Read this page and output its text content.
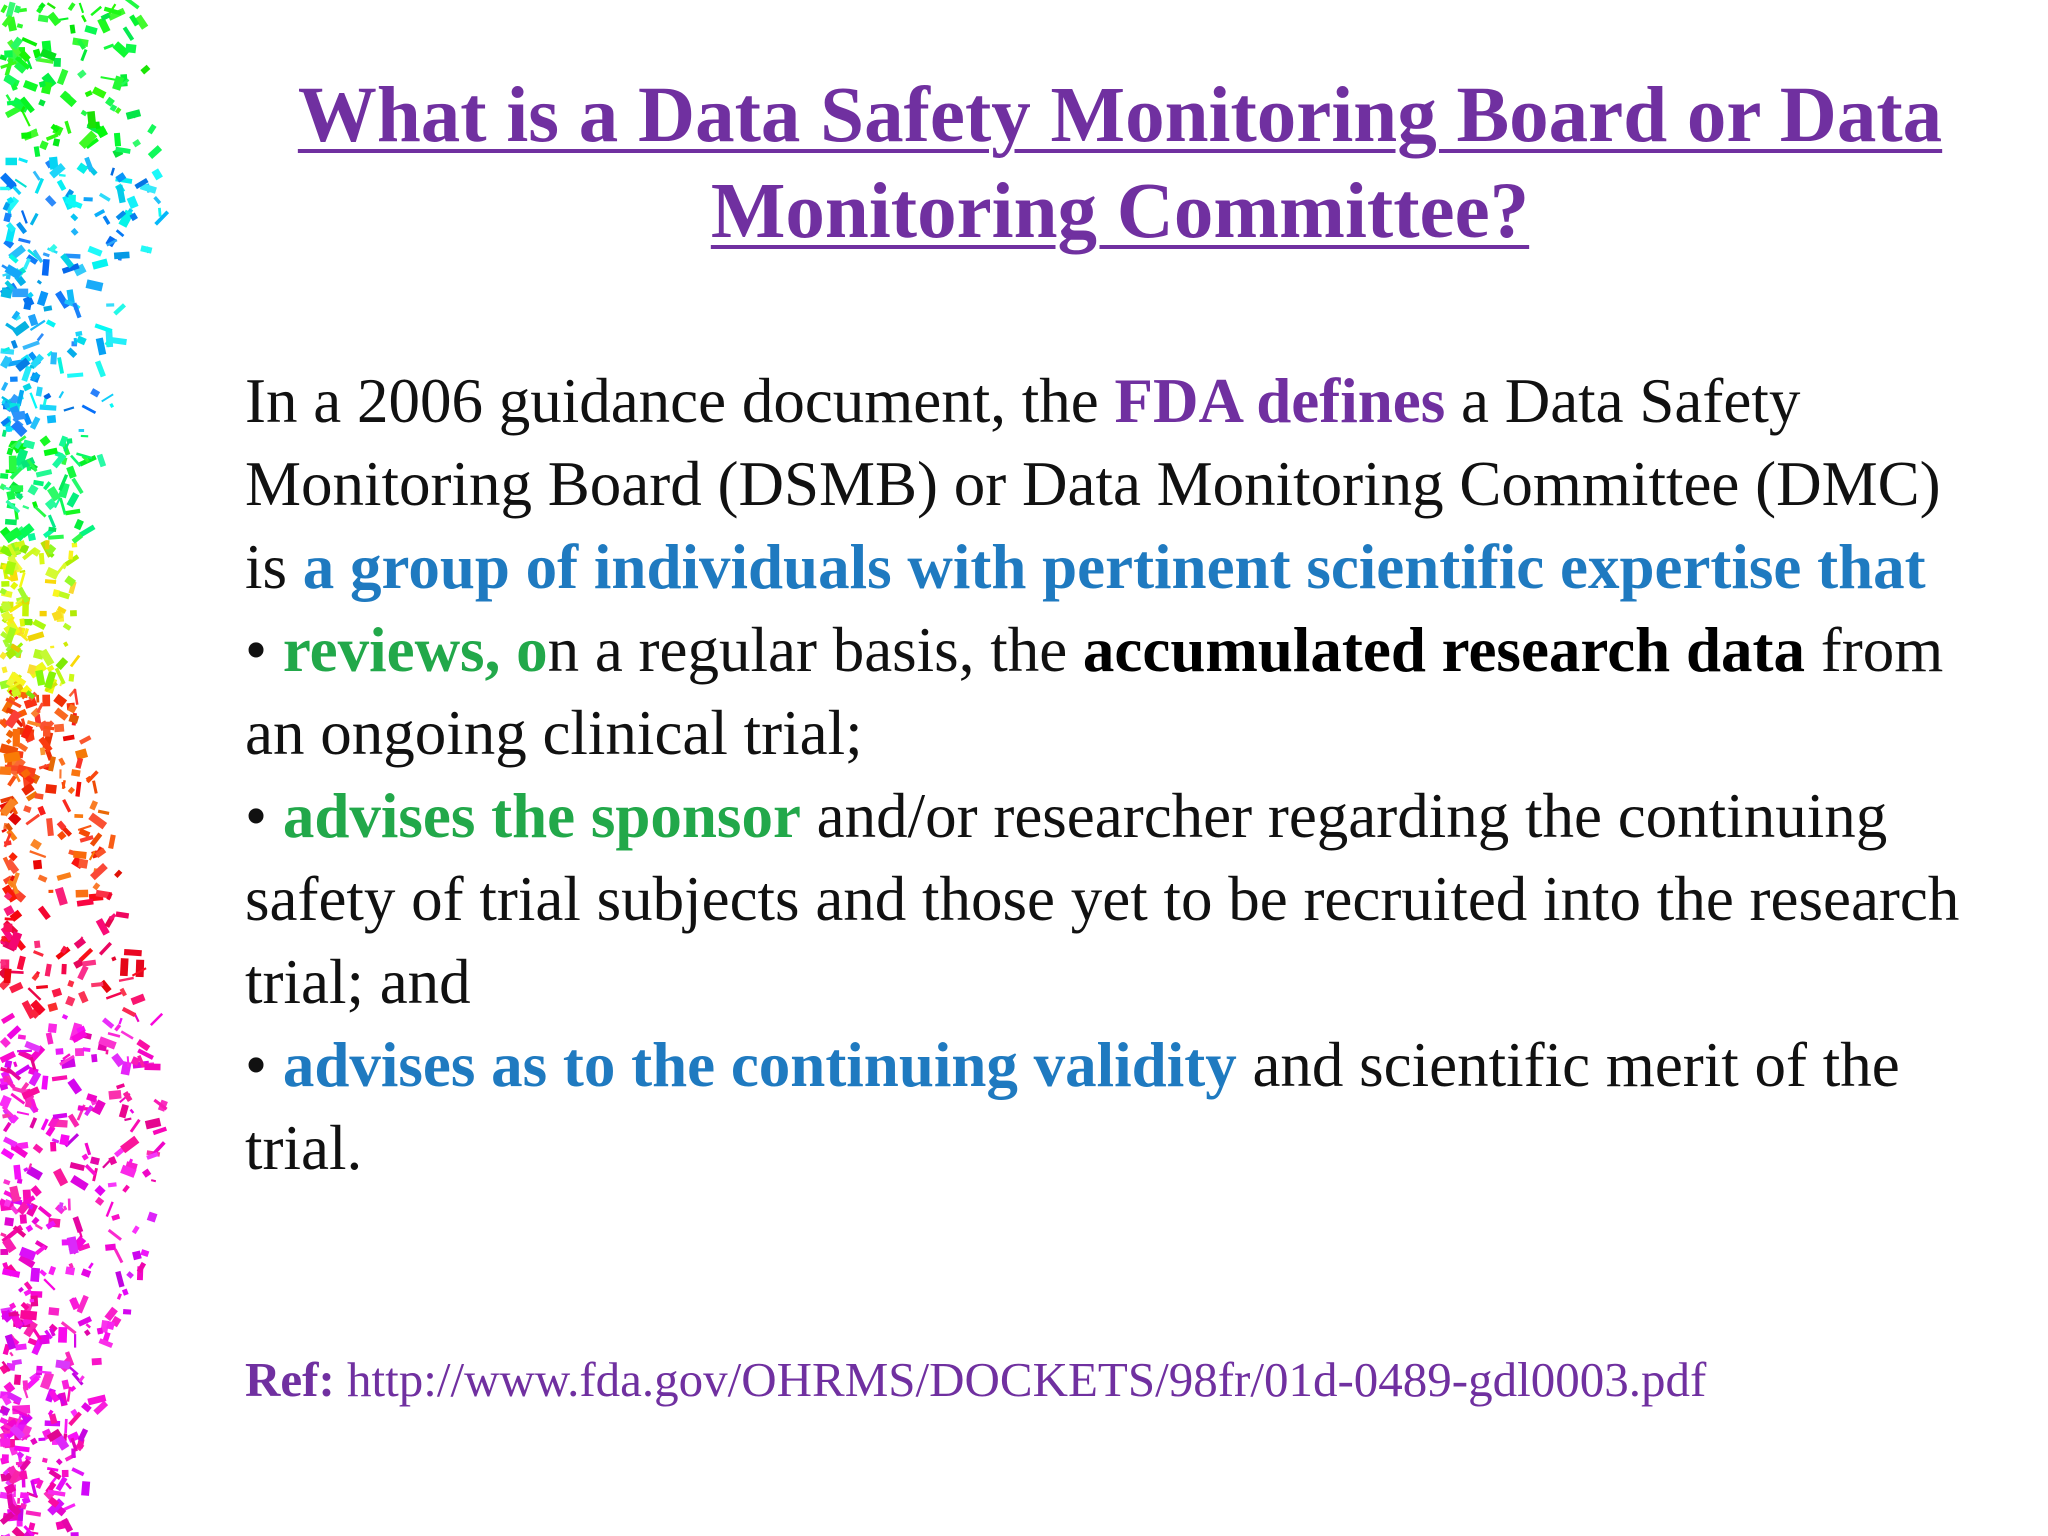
What is a Data Safety Monitoring Board or Data Monitoring Committee?

In a 2006 guidance document, the FDA defines a Data Safety Monitoring Board (DSMB) or Data Monitoring Committee (DMC) is a group of individuals with pertinent scientific expertise that

• reviews, on a regular basis, the accumulated research data from an ongoing clinical trial;

• advises the sponsor and/or researcher regarding the continuing safety of trial subjects and those yet to be recruited into the research trial; and

• advises as to the continuing validity and scientific merit of the trial.

Ref: http://www.fda.gov/OHRMS/DOCKETS/98fr/01d-0489-gdl0003.pdf
